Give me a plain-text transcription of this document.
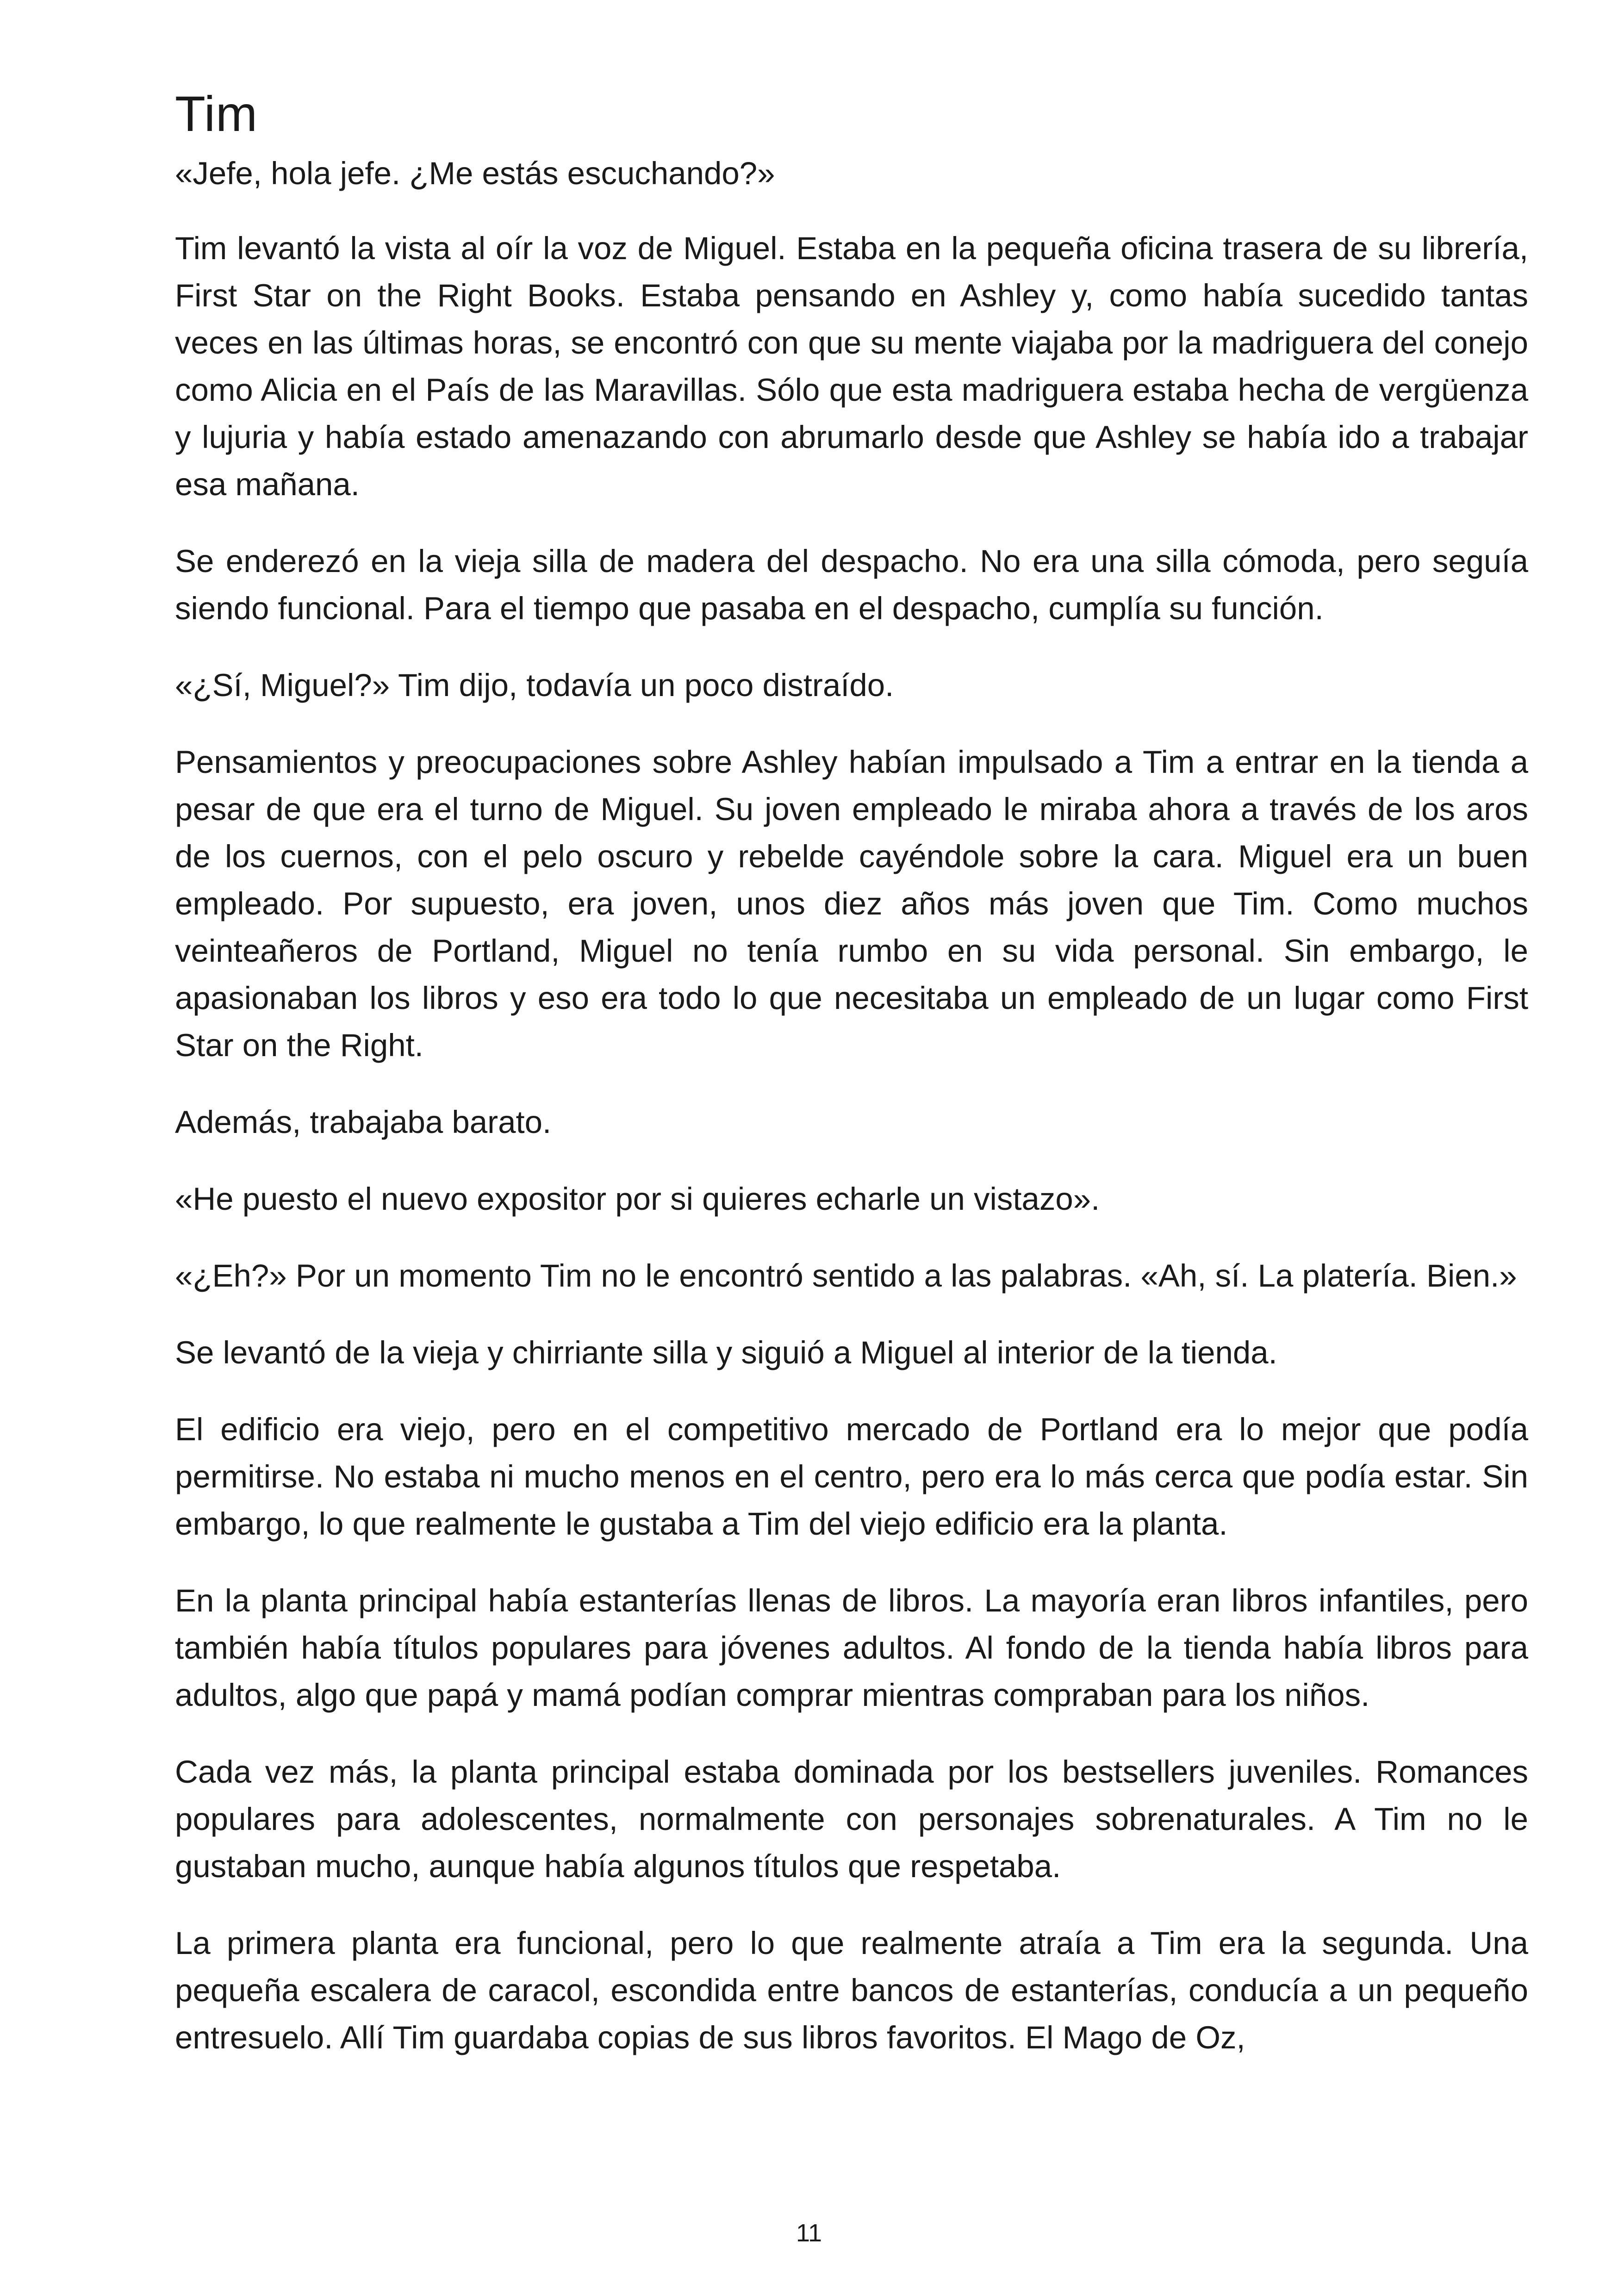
Tim

«Jefe, hola jefe. ¿Me estás escuchando?»

Tim levantó la vista al oír la voz de Miguel. Estaba en la pequeña oficina trasera de su librería, First Star on the Right Books. Estaba pensando en Ashley y, como había sucedido tantas veces en las últimas horas, se encontró con que su mente viajaba por la madriguera del conejo como Alicia en el País de las Maravillas. Sólo que esta madriguera estaba hecha de vergüenza y lujuria y había estado amenazando con abrumarlo desde que Ashley se había ido a trabajar esa mañana.

Se enderezó en la vieja silla de madera del despacho. No era una silla cómoda, pero seguía siendo funcional. Para el tiempo que pasaba en el despacho, cumplía su función.

«¿Sí, Miguel?» Tim dijo, todavía un poco distraído.

Pensamientos y preocupaciones sobre Ashley habían impulsado a Tim a entrar en la tienda a pesar de que era el turno de Miguel. Su joven empleado le miraba ahora a través de los aros de los cuernos, con el pelo oscuro y rebelde cayéndole sobre la cara. Miguel era un buen empleado. Por supuesto, era joven, unos diez años más joven que Tim. Como muchos veinteañeros de Portland, Miguel no tenía rumbo en su vida personal. Sin embargo, le apasionaban los libros y eso era todo lo que necesitaba un empleado de un lugar como First Star on the Right.

Además, trabajaba barato.

«He puesto el nuevo expositor por si quieres echarle un vistazo».

«¿Eh?» Por un momento Tim no le encontró sentido a las palabras. «Ah, sí. La platería. Bien.»

Se levantó de la vieja y chirriante silla y siguió a Miguel al interior de la tienda.

El edificio era viejo, pero en el competitivo mercado de Portland era lo mejor que podía permitirse. No estaba ni mucho menos en el centro, pero era lo más cerca que podía estar. Sin embargo, lo que realmente le gustaba a Tim del viejo edificio era la planta.

En la planta principal había estanterías llenas de libros. La mayoría eran libros infantiles, pero también había títulos populares para jóvenes adultos. Al fondo de la tienda había libros para adultos, algo que papá y mamá podían comprar mientras compraban para los niños.

Cada vez más, la planta principal estaba dominada por los bestsellers juveniles. Romances populares para adolescentes, normalmente con personajes sobrenaturales. A Tim no le gustaban mucho, aunque había algunos títulos que respetaba.

La primera planta era funcional, pero lo que realmente atraía a Tim era la segunda. Una pequeña escalera de caracol, escondida entre bancos de estanterías, conducía a un pequeño entresuelo. Allí Tim guardaba copias de sus libros favoritos. El Mago de Oz,

11
